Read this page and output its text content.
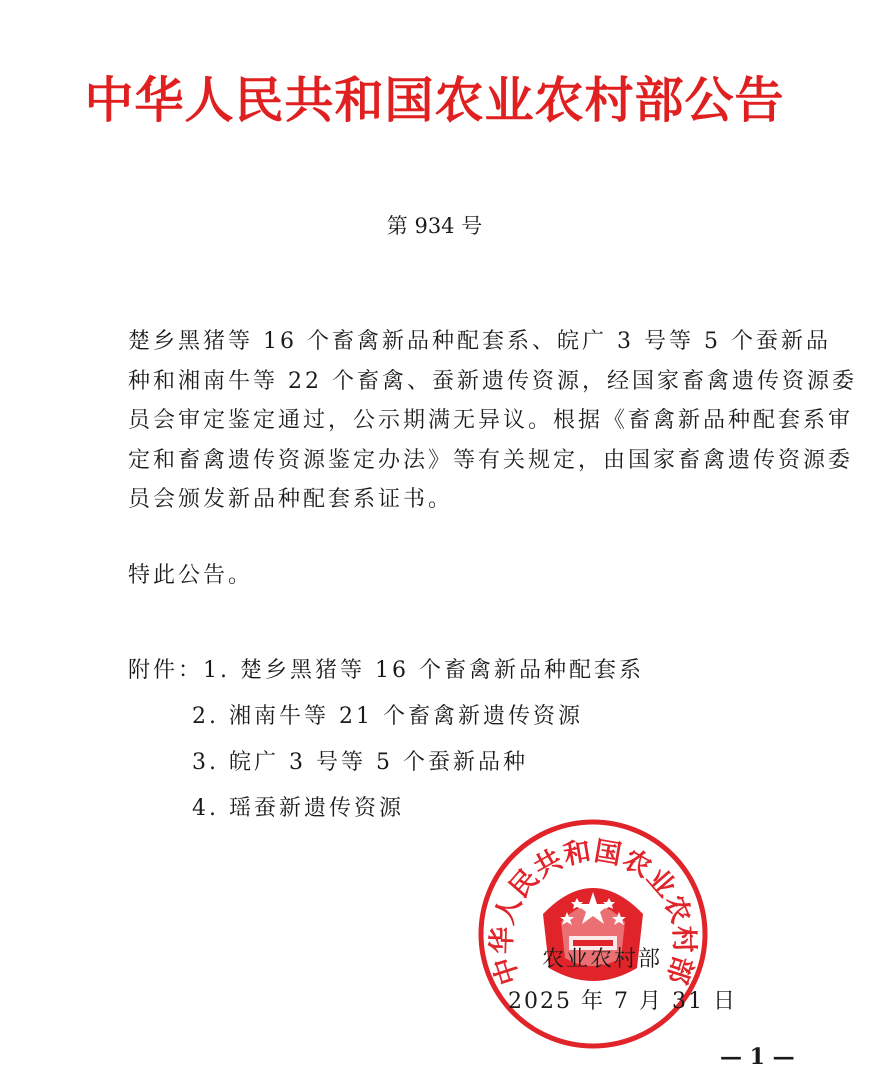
中华人民共和国农业农村部公告
第 934 号
楚乡黑猪等 16 个畜禽新品种配套系、皖广 3 号等 5 个蚕新品
种和湘南牛等 22 个畜禽、蚕新遗传资源，经国家畜禽遗传资源委
员会审定鉴定通过，公示期满无异议。根据《畜禽新品种配套系审
定和畜禽遗传资源鉴定办法》等有关规定，由国家畜禽遗传资源委
员会颁发新品种配套系证书。
特此公告。
附件：1. 楚乡黑猪等 16 个畜禽新品种配套系
2. 湘南牛等 21 个畜禽新遗传资源
3. 皖广 3 号等 5 个蚕新品种
4. 瑶蚕新遗传资源
中华人民共和国农业农村部
农业农村部
2025 年 7 月 31 日
— 1 —
